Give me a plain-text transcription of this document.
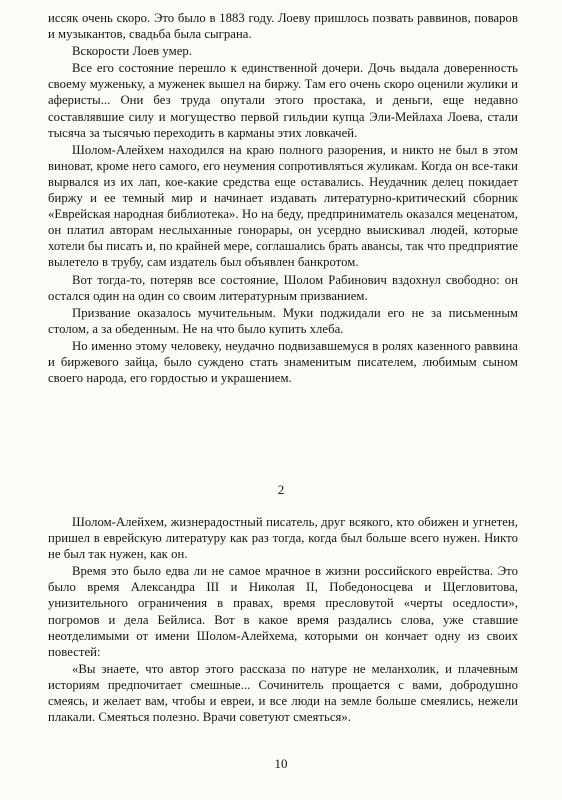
иссяк очень скоро. Это было в 1883 году. Лоеву пришлось позвать раввинов, поваров и музыкантов, свадьба была сыграна.

Вскорости Лоев умер.

Все его состояние перешло к единственной дочери. Дочь выдала доверенность своему муженьку, а муженек вышел на биржу. Там его очень скоро оценили жулики и аферисты... Они без труда опутали этого простака, и деньги, еще недавно составлявшие силу и могущество первой гильдии купца Эли-Мейлаха Лоева, стали тысяча за тысячью переходить в карманы этих ловкачей.

Шолом-Алейхем находился на краю полного разорения, и никто не был в этом виноват, кроме него самого, его неумения сопротивляться жуликам. Когда он все-таки вырвался из их лап, кое-какие средства еще оставались. Неудачник делец покидает биржу и ее темный мир и начинает издавать литературно-критический сборник «Еврейская народная библиотека». Но на беду, предприниматель оказался меценатом, он платил авторам неслыханные гонорары, он усердно выискивал людей, которые хотели бы писать и, по крайней мере, соглашались брать авансы, так что предприятие вылетело в трубу, сам издатель был объявлен банкротом.

Вот тогда-то, потеряв все состояние, Шолом Рабинович вздохнул свободно: он остался один на один со своим литературным призванием.

Призвание оказалось мучительным. Муки поджидали его не за письменным столом, а за обеденным. Не на что было купить хлеба.

Но именно этому человеку, неудачно подвизавшемуся в ролях казенного раввина и биржевого зайца, было суждено стать знаменитым писателем, любимым сыном своего народа, его гордостью и украшением.

2

Шолом-Алейхем, жизнерадостный писатель, друг всякого, кто обижен и угнетен, пришел в еврейскую литературу как раз тогда, когда был больше всего нужен. Никто не был так нужен, как он.

Время это было едва ли не самое мрачное в жизни российского еврейства. Это было время Александра III и Николая II, Победоносцева и Щегловитова, унизительного ограничения в правах, время пресловутой «черты оседлости», погромов и дела Бейлиса. Вот в какое время раздались слова, уже ставшие неотделимыми от имени Шолом-Алейхема, которыми он кончает одну из своих повестей:

«Вы знаете, что автор этого рассказа по натуре не меланхолик, и плачевным историям предпочитает смешные... Сочинитель прощается с вами, добродушно смеясь, и желает вам, чтобы и евреи, и все люди на земле больше смеялись, нежели плакали. Смеяться полезно. Врачи советуют смеяться».

10
